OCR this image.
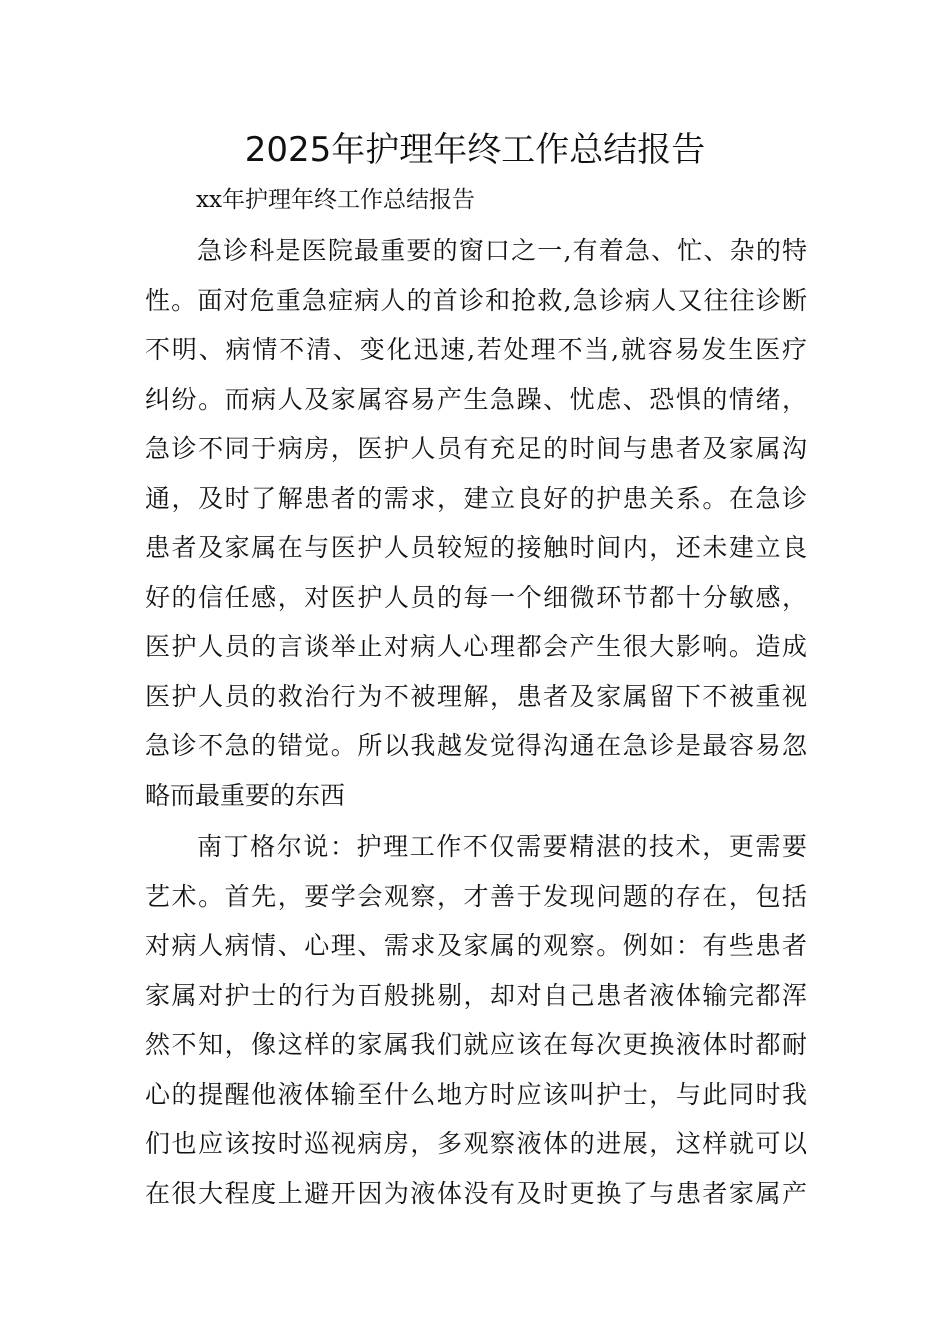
2025年护理年终工作总结报告

xx年护理年终工作总结报告

急诊科是医院最重要的窗口之一,有着急、忙、杂的特
性。面对危重急症病人的首诊和抢救,急诊病人又往往诊断
不明、病情不清、变化迅速,若处理不当,就容易发生医疗
纠纷。而病人及家属容易产生急躁、忧虑、恐惧的情绪，
急诊不同于病房，医护人员有充足的时间与患者及家属沟
通，及时了解患者的需求，建立良好的护患关系。在急诊
患者及家属在与医护人员较短的接触时间内，还未建立良
好的信任感，对医护人员的每一个细微环节都十分敏感，
医护人员的言谈举止对病人心理都会产生很大影响。造成
医护人员的救治行为不被理解，患者及家属留下不被重视
急诊不急的错觉。所以我越发觉得沟通在急诊是最容易忽
略而最重要的东西
南丁格尔说：护理工作不仅需要精湛的技术，更需要
艺术。首先，要学会观察，才善于发现问题的存在，包括
对病人病情、心理、需求及家属的观察。例如：有些患者
家属对护士的行为百般挑剔，却对自己患者液体输完都浑
然不知，像这样的家属我们就应该在每次更换液体时都耐
心的提醒他液体输至什么地方时应该叫护士，与此同时我
们也应该按时巡视病房，多观察液体的进展，这样就可以
在很大程度上避开因为液体没有及时更换了与患者家属产
